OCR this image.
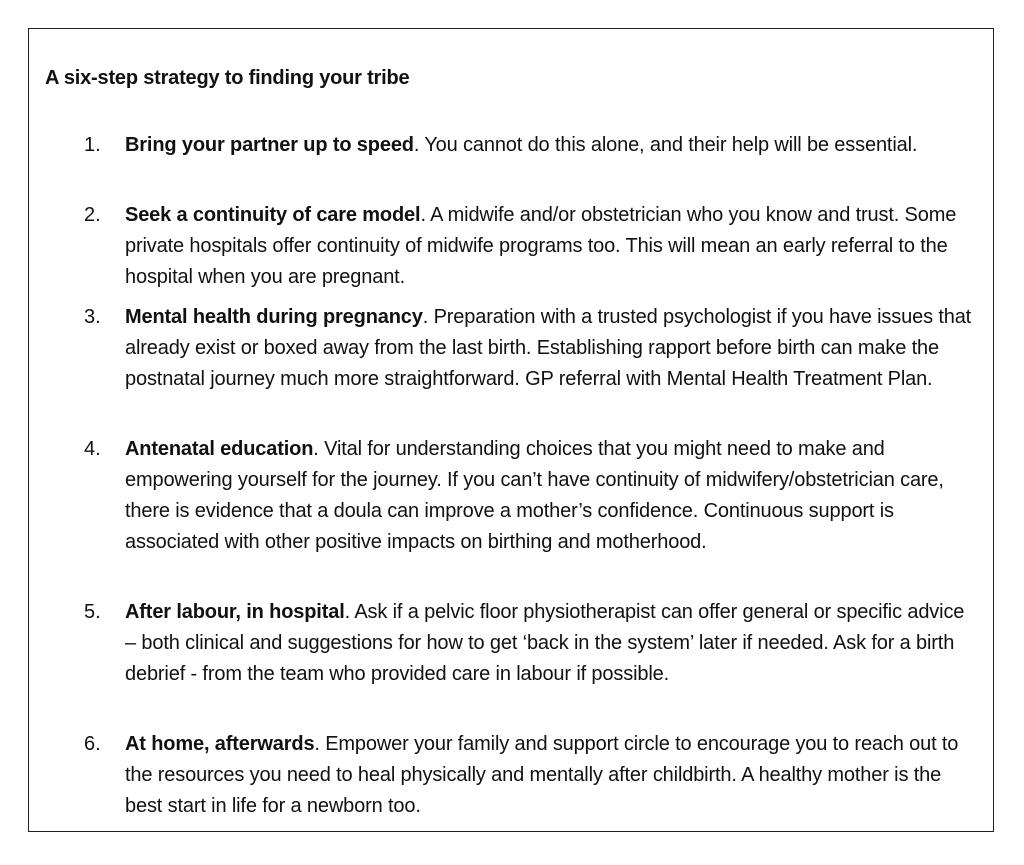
A six-step strategy to finding your tribe
1. Bring your partner up to speed. You cannot do this alone, and their help will be essential.
2. Seek a continuity of care model. A midwife and/or obstetrician who you know and trust. Some private hospitals offer continuity of midwife programs too. This will mean an early referral to the hospital when you are pregnant.
3. Mental health during pregnancy. Preparation with a trusted psychologist if you have issues that already exist or boxed away from the last birth. Establishing rapport before birth can make the postnatal journey much more straightforward. GP referral with Mental Health Treatment Plan.
4. Antenatal education. Vital for understanding choices that you might need to make and empowering yourself for the journey. If you can’t have continuity of midwifery/obstetrician care, there is evidence that a doula can improve a mother’s confidence. Continuous support is associated with other positive impacts on birthing and motherhood.
5. After labour, in hospital. Ask if a pelvic floor physiotherapist can offer general or specific advice – both clinical and suggestions for how to get ‘back in the system’ later if needed. Ask for a birth debrief - from the team who provided care in labour if possible.
6. At home, afterwards. Empower your family and support circle to encourage you to reach out to the resources you need to heal physically and mentally after childbirth. A healthy mother is the best start in life for a newborn too.
